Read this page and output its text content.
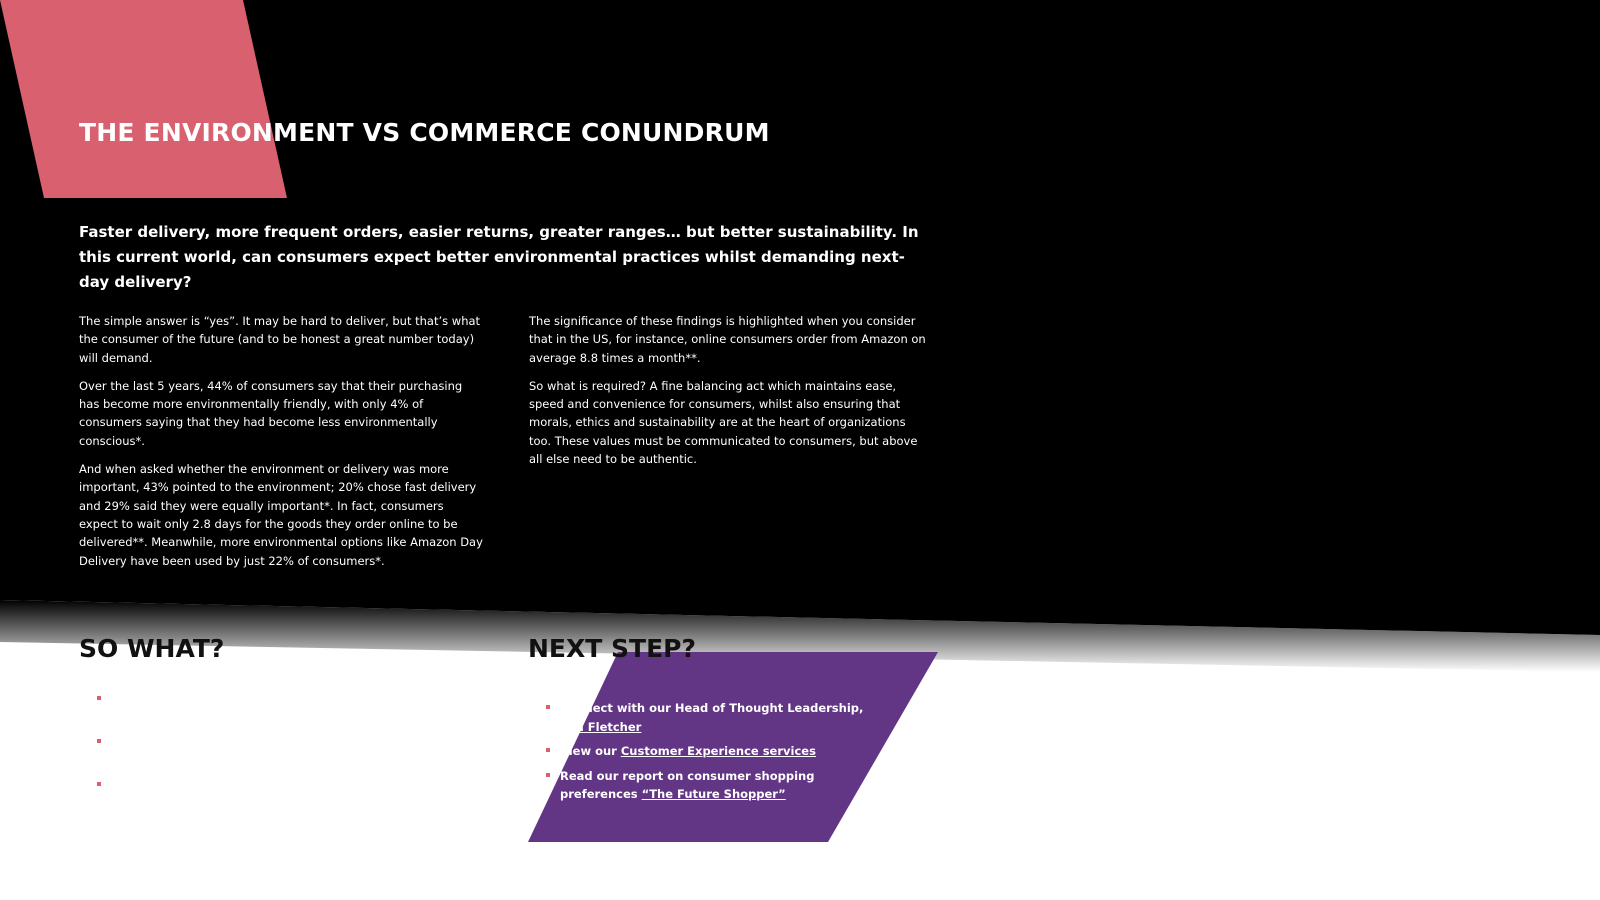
THE ENVIRONMENT VS COMMERCE CONUNDRUM

Faster delivery, more frequent orders, easier returns, greater ranges… but better sustainability. In this current world, can consumers expect better environmental practices whilst demanding next-day delivery?

The simple answer is “yes”. It may be hard to deliver, but that’s what the consumer of the future (and to be honest a great number today) will demand.

Over the last 5 years, 44% of consumers say that their purchasing has become more environmentally friendly, with only 4% of consumers saying that they had become less environmentally conscious*.

And when asked whether the environment or delivery was more important, 43% pointed to the environment; 20% chose fast delivery and 29% said they were equally important*. In fact, consumers expect to wait only 2.8 days for the goods they order online to be delivered**. Meanwhile, more environmental options like Amazon Day Delivery have been used by just 22% of consumers*.

The significance of these findings is highlighted when you consider that in the US, for instance, online consumers order from Amazon on average 8.8 times a month**.

So what is required? A fine balancing act which maintains ease, speed and convenience for consumers, whilst also ensuring that morals, ethics and sustainability are at the heart of organizations too. These values must be communicated to consumers, but above all else need to be authentic.

SO WHAT?	NEXT STEP?
Connect with our Head of Thought Leadership, Tim Fletcher
View our Customer Experience services
Read our report on consumer shopping preferences “The Future Shopper”
